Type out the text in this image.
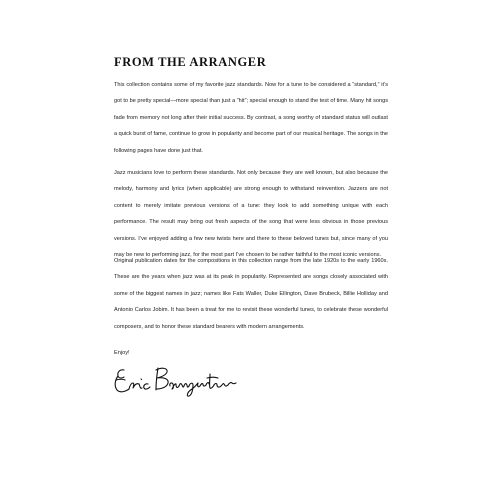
FROM THE ARRANGER

This collection contains some of my favorite jazz standards. Now for a tune to be considered a “standard,” it’s got to be pretty special—more special than just a “hit”; special enough to stand the test of time. Many hit songs fade from memory not long after their initial success. By contrast, a song worthy of standard status will outlast a quick burst of fame, continue to grow in popularity and become part of our musical heritage. The songs in the following pages have done just that.

Jazz musicians love to perform these standards. Not only because they are well known, but also because the melody, harmony and lyrics (when applicable) are strong enough to withstand reinvention. Jazzers are not content to merely imitate previous versions of a tune: they look to add something unique with each performance. The result may bring out fresh aspects of the song that were less obvious in those previous versions. I’ve enjoyed adding a few new twists here and there to these beloved tunes but, since many of you may be new to performing jazz, for the most part I’ve chosen to be rather faithful to the most iconic versions.

Original publication dates for the compositions in this collection range from the late 1920s to the early 1960s. These are the years when jazz was at its peak in popularity. Represented are songs closely associated with some of the biggest names in jazz; names like Fats Waller, Duke Ellington, Dave Brubeck, Billie Holliday and Antonio Carlos Jobim. It has been a treat for me to revisit these wonderful tunes, to celebrate these wonderful composers, and to honor these standard bearers with modern arrangements.

Enjoy!
